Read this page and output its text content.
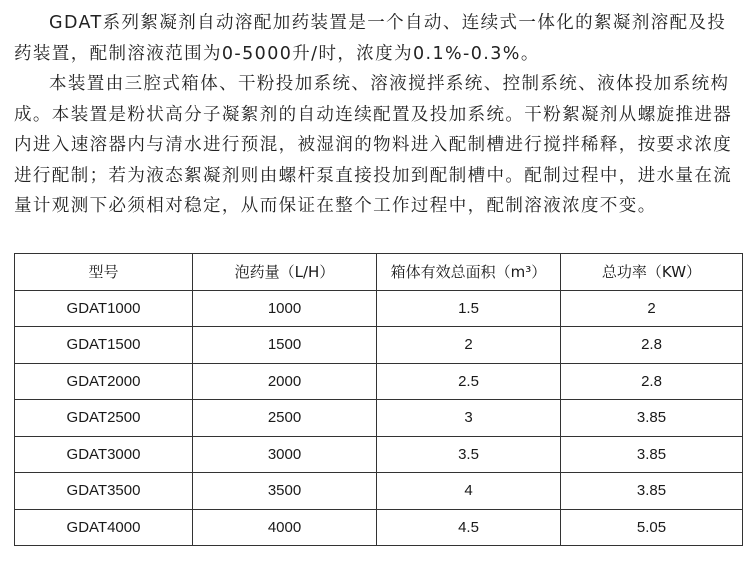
GDAT系列絮凝剂自动溶配加药装置是一个自动、连续式一体化的絮凝剂溶配及投药装置，配制溶液范围为0-5000升/时，浓度为0.1%-0.3%。

本装置由三腔式箱体、干粉投加系统、溶液搅拌系统、控制系统、液体投加系统构成。本装置是粉状高分子凝絮剂的自动连续配置及投加系统。干粉絮凝剂从螺旋推进器内进入速溶器内与清水进行预混，被湿润的物料进入配制槽进行搅拌稀释，按要求浓度进行配制；若为液态絮凝剂则由螺杆泵直接投加到配制槽中。配制过程中，进水量在流量计观测下必须相对稳定，从而保证在整个工作过程中，配制溶液浓度不变。

型号	泡药量（L/H）	箱体有效总面积（m³）	总功率（KW）
GDAT1000	1000	1.5	2
GDAT1500	1500	2	2.8
GDAT2000	2000	2.5	2.8
GDAT2500	2500	3	3.85
GDAT3000	3000	3.5	3.85
GDAT3500	3500	4	3.85
GDAT4000	4000	4.5	5.05
